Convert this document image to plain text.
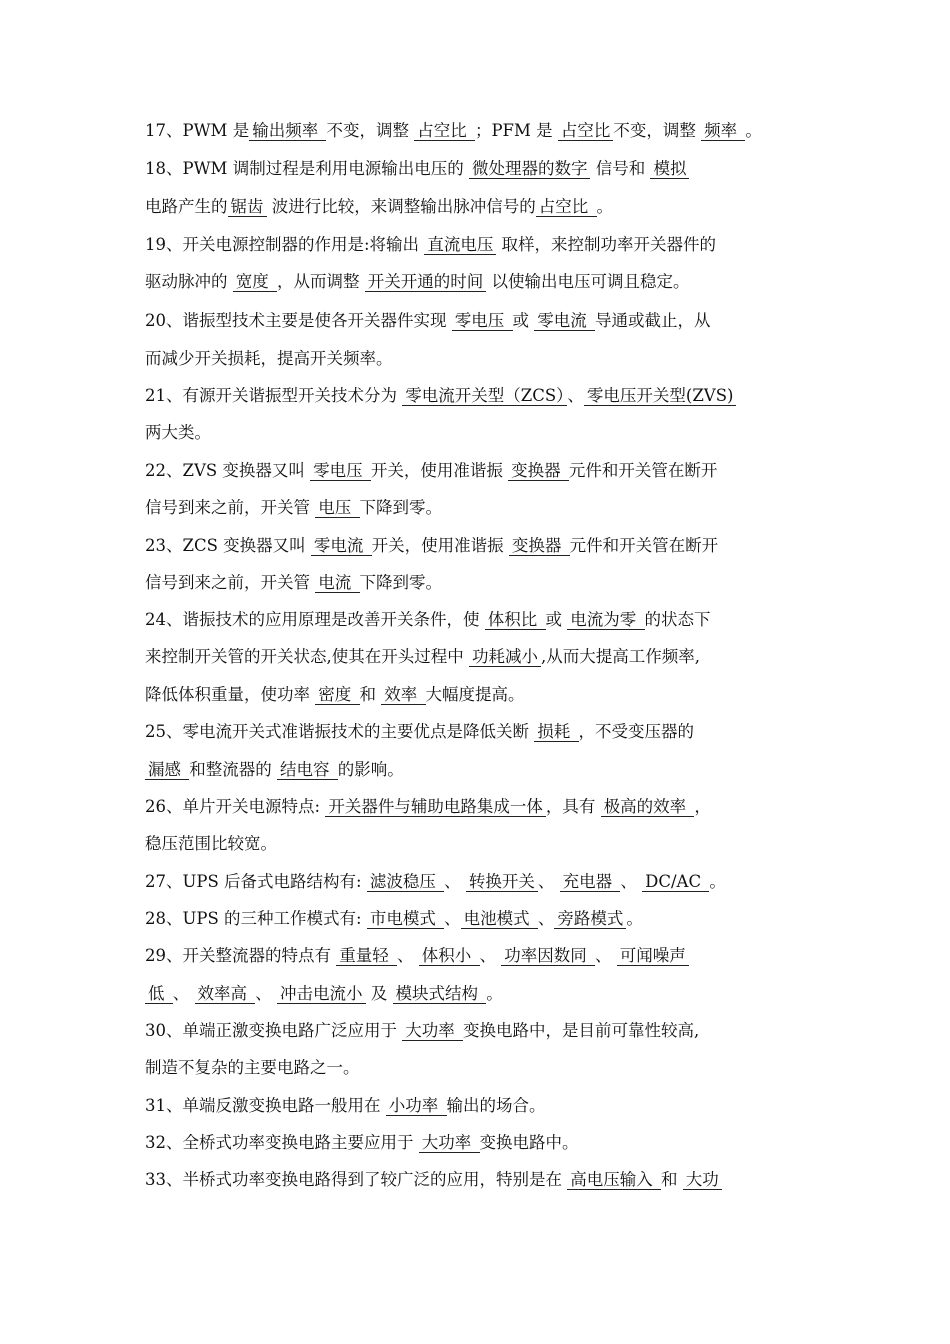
17、PWM 是 输出频率 不变，调整 占空比 ；PFM 是 占空比 不变，调整 频率 。
18、PWM 调制过程是利用电源输出电压的 微处理器的数字 信号和 模拟
电路产生的 锯齿 波进行比较，来调整输出脉冲信号的 占空比 。
19、开关电源控制器的作用是:将输出 直流电压 取样，来控制功率开关器件的
驱动脉冲的 宽度 ，从而调整 开关开通的时间 以使输出电压可调且稳定。
20、谐振型技术主要是使各开关器件实现 零电压 或 零电流 导通或截止，从
而减少开关损耗，提高开关频率。
21、有源开关谐振型开关技术分为 零电流开关型（ZCS） 、 零电压开关型(ZVS)
两大类。
22、ZVS 变换器又叫 零电压 开关，使用准谐振 变换器 元件和开关管在断开
信号到来之前，开关管 电压 下降到零。
23、ZCS 变换器又叫 零电流 开关，使用准谐振 变换器 元件和开关管在断开
信号到来之前，开关管 电流 下降到零。
24、谐振技术的应用原理是改善开关条件，使 体积比 或 电流为零 的状态下
来控制开关管的开关状态,使其在开头过程中 功耗减小 ,从而大提高工作频率,
降低体积重量，使功率 密度 和 效率 大幅度提高。
25、零电流开关式准谐振技术的主要优点是降低关断 损耗 ，不受变压器的
漏感 和整流器的 结电容 的影响。
26、单片开关电源特点: 开关器件与辅助电路集成一体 ，具有 极高的效率 ，
稳压范围比较宽。
27、UPS 后备式电路结构有: 滤波稳压 、 转换开关 、 充电器 、 DC/AC 。
28、UPS 的三种工作模式有: 市电模式 、 电池模式 、 旁路模式 。
29、开关整流器的特点有 重量轻 、 体积小 、 功率因数同 、 可闻噪声
低 、 效率高 、 冲击电流小 及 模块式结构 。
30、单端正激变换电路广泛应用于 大功率 变换电路中，是目前可靠性较高,
制造不复杂的主要电路之一。
31、单端反激变换电路一般用在 小功率 输出的场合。
32、全桥式功率变换电路主要应用于 大功率 变换电路中。
33、半桥式功率变换电路得到了较广泛的应用，特别是在 高电压输入 和 大功
